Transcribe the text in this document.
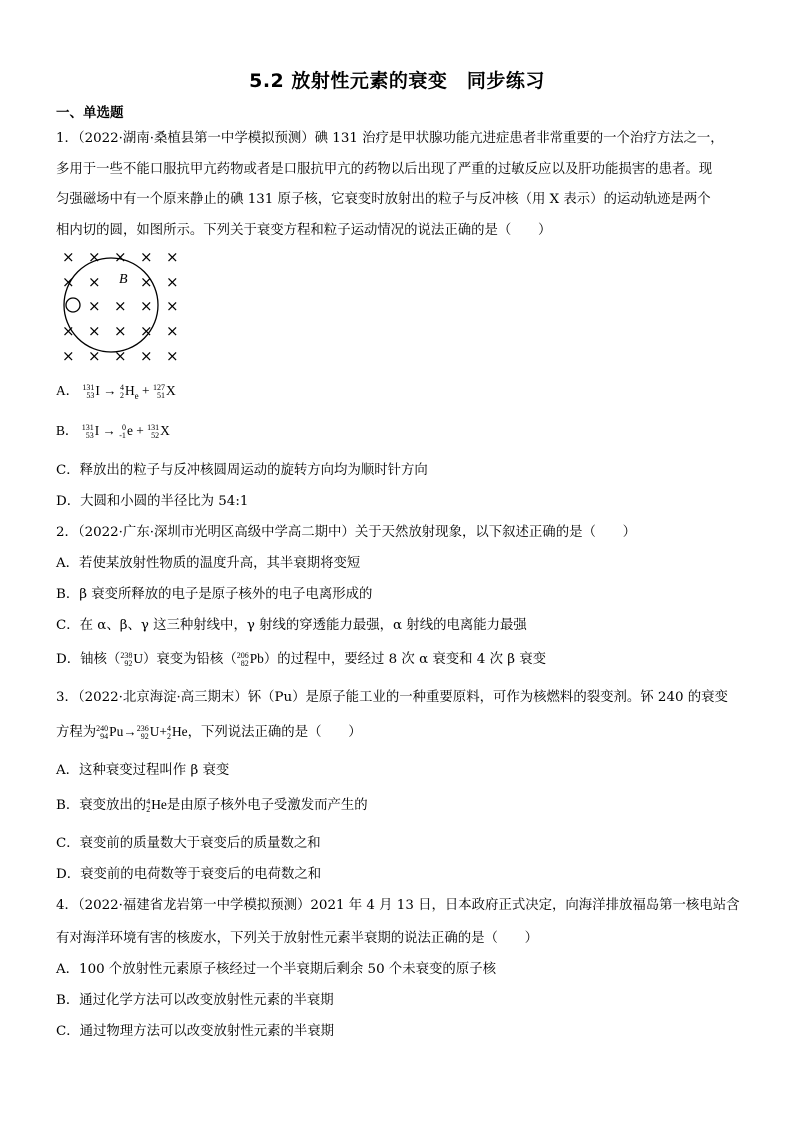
5.2 放射性元素的衰变　同步练习
一、单选题
1．（2022·湖南·桑植县第一中学模拟预测）碘 131 治疗是甲状腺功能亢进症患者非常重要的一个治疗方法之一，
多用于一些不能口服抗甲亢药物或者是口服抗甲亢的药物以后出现了严重的过敏反应以及肝功能损害的患者。现
匀强磁场中有一个原来静止的碘 131 原子核，它衰变时放射出的粒子与反冲核（用 X 表示）的运动轨迹是两个
相内切的圆，如图所示。下列关于衰变方程和粒子运动情况的说法正确的是（　　）
× × × × ×
× ×	× ×
× × × ×
× × × × ×
× × × × ×
B
A． 131
53 I → 4
2 $H_e + 127$
51 X
B． 131
53 I → 0
-1 e + 131
52 X
C．释放出的粒子与反冲核圆周运动的旋转方向均为顺时针方向
D．大圆和小圆的半径比为 54:1
2．（2022·广东·深圳市光明区高级中学高二期中）关于天然放射现象，以下叙述正确的是（　　）
A．若使某放射性物质的温度升高，其半衰期将变短
B．β 衰变所释放的电子是原子核外的电子电离形成的
C．在 α、β、γ 这三种射线中，γ 射线的穿透能力最强，α 射线的电离能力最强
D．铀核（ 238
92 U）衰变为铅核（ 206
82 Pb）的过程中，要经过 8 次 α 衰变和 4 次 β 衰变
3．（2022·北京海淀·高三期末）钚（Pu）是原子能工业的一种重要原料，可作为核燃料的裂变剂。钚 240 的衰变
方程为 240
94 Pu→ 236
92 U+ 4
2 He，下列说法正确的是（　　）
A．这种衰变过程叫作 β 衰变
B．衰变放出的 4
2 He是由原子核外电子受激发而产生的
C．衰变前的质量数大于衰变后的质量数之和
D．衰变前的电荷数等于衰变后的电荷数之和
4．（2022·福建省龙岩第一中学模拟预测）2021 年 4 月 13 日，日本政府正式决定，向海洋排放福岛第一核电站含
有对海洋环境有害的核废水，下列关于放射性元素半衰期的说法正确的是（　　）
A．100 个放射性元素原子核经过一个半衰期后剩余 50 个未衰变的原子核
B．通过化学方法可以改变放射性元素的半衰期
C．通过物理方法可以改变放射性元素的半衰期
